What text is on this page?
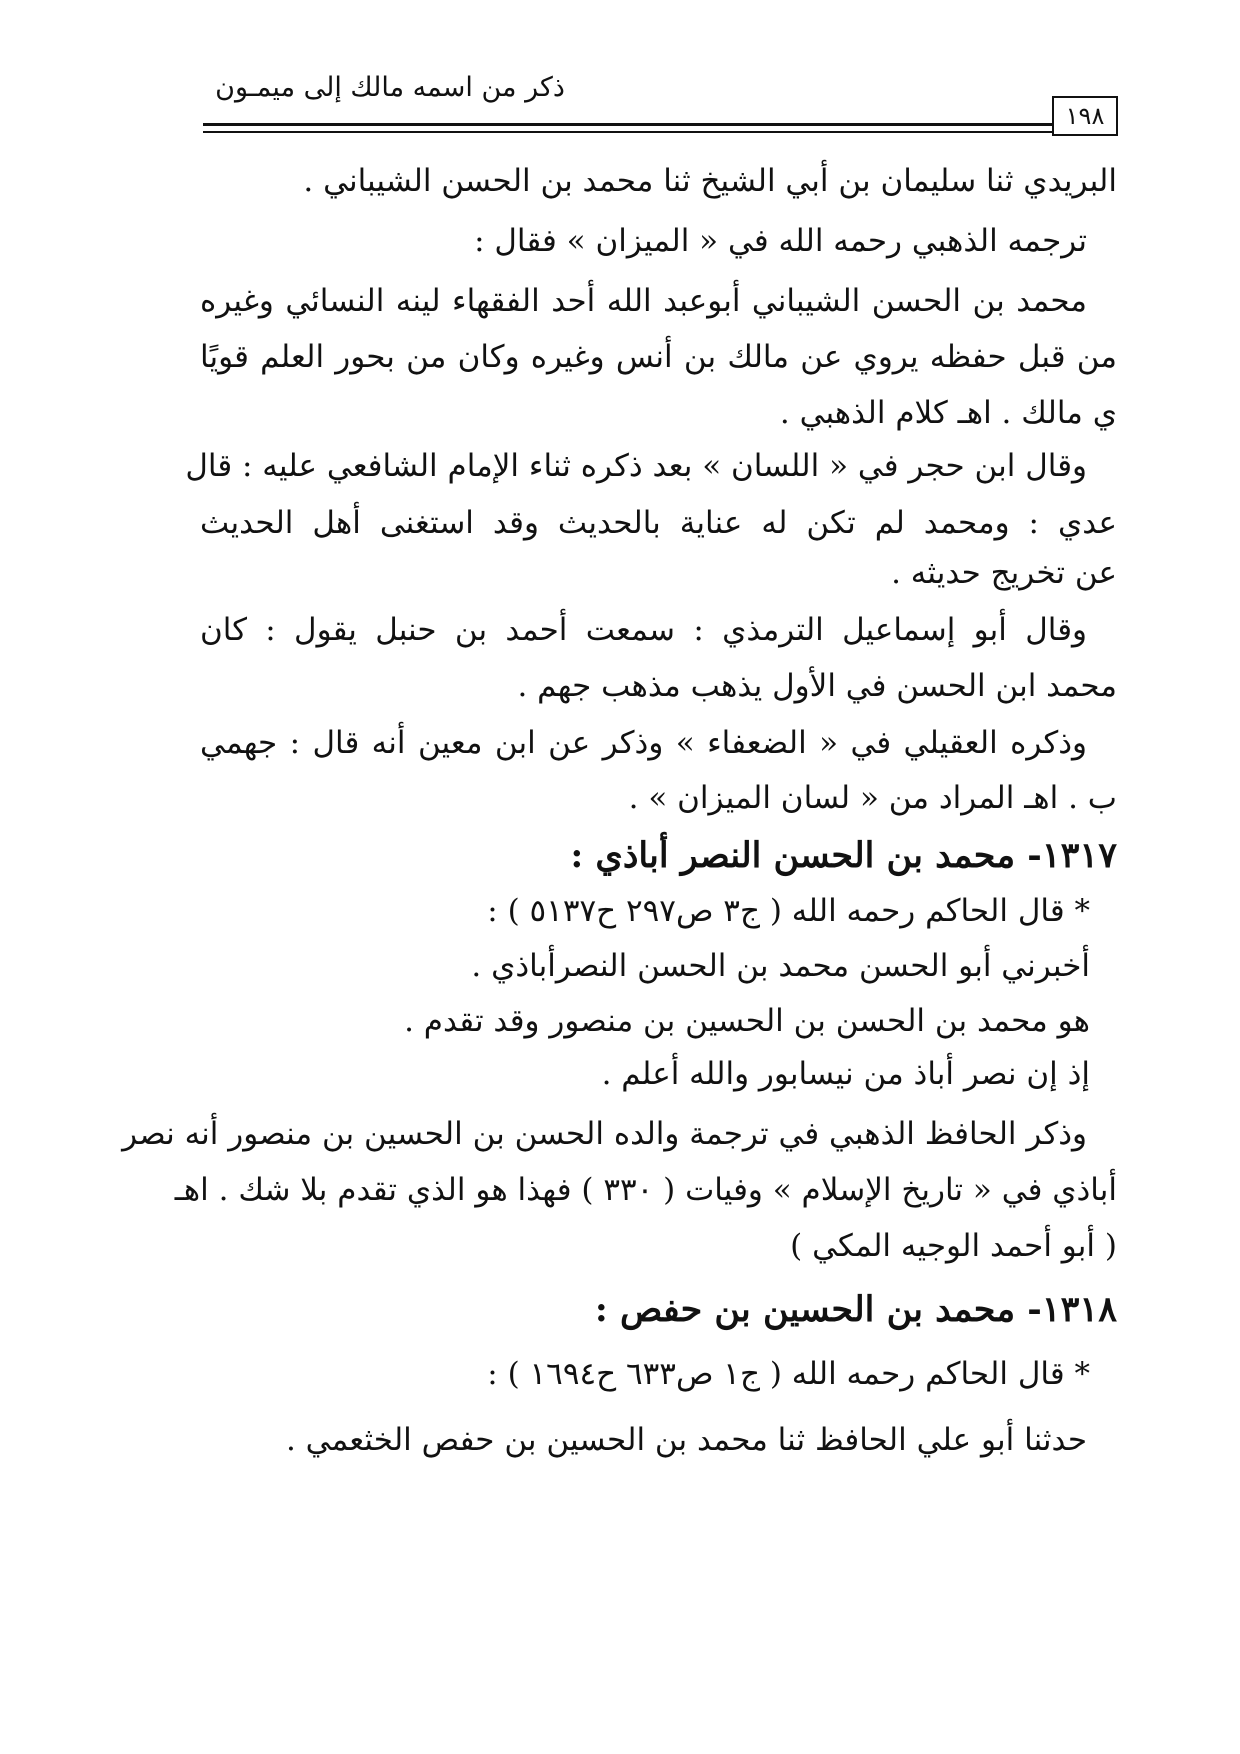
ذكر من اسمه مالك إلى ميمـون
١٩٨
البريدي ثنا سليمان بن أبي الشيخ ثنا محمد بن الحسن الشيباني .
ترجمه الذهبي رحمه الله في « الميزان » فقال :
محمد بن الحسن الشيباني أبوعبد الله أحد الفقهاء لينه النسائي وغيره
من قبل حفظه يروي عن مالك بن أنس وغيره وكان من بحور العلم قويًا
ي مالك . اهـ كلام الذهبي .
وقال ابن حجر في « اللسان » بعد ذكره ثناء الإمام الشافعي عليه : قال
عدي : ومحمد لم تكن له عناية بالحديث وقد استغنى أهل الحديث
عن تخريج حديثه .
وقال أبو إسماعيل الترمذي : سمعت أحمد بن حنبل يقول : كان
محمد ابن الحسن في الأول يذهب مذهب جهم .
وذكره العقيلي في « الضعفاء » وذكر عن ابن معين أنه قال : جهمي
ب . اهـ المراد من « لسان الميزان » .
١٣١٧- محمد بن الحسن النصر أباذي :
* قال الحاكم رحمه الله ( ج٣ ص٢٩٧ ح٥١٣٧ ) :
أخبرني أبو الحسن محمد بن الحسن النصرأباذي .
هو محمد بن الحسن بن الحسين بن منصور وقد تقدم .
إذ إن نصر أباذ من نيسابور والله أعلم .
وذكر الحافظ الذهبي في ترجمة والده الحسن بن الحسين بن منصور أنه نصر
أباذي في « تاريخ الإسلام » وفيات ( ٣٣٠ ) فهذا هو الذي تقدم بلا شك . اهـ
( أبو أحمد الوجيه المكي )
١٣١٨- محمد بن الحسين بن حفص :
* قال الحاكم رحمه الله ( ج١ ص٦٣٣ ح١٦٩٤ ) :
حدثنا أبو علي الحافظ ثنا محمد بن الحسين بن حفص الخثعمي .
